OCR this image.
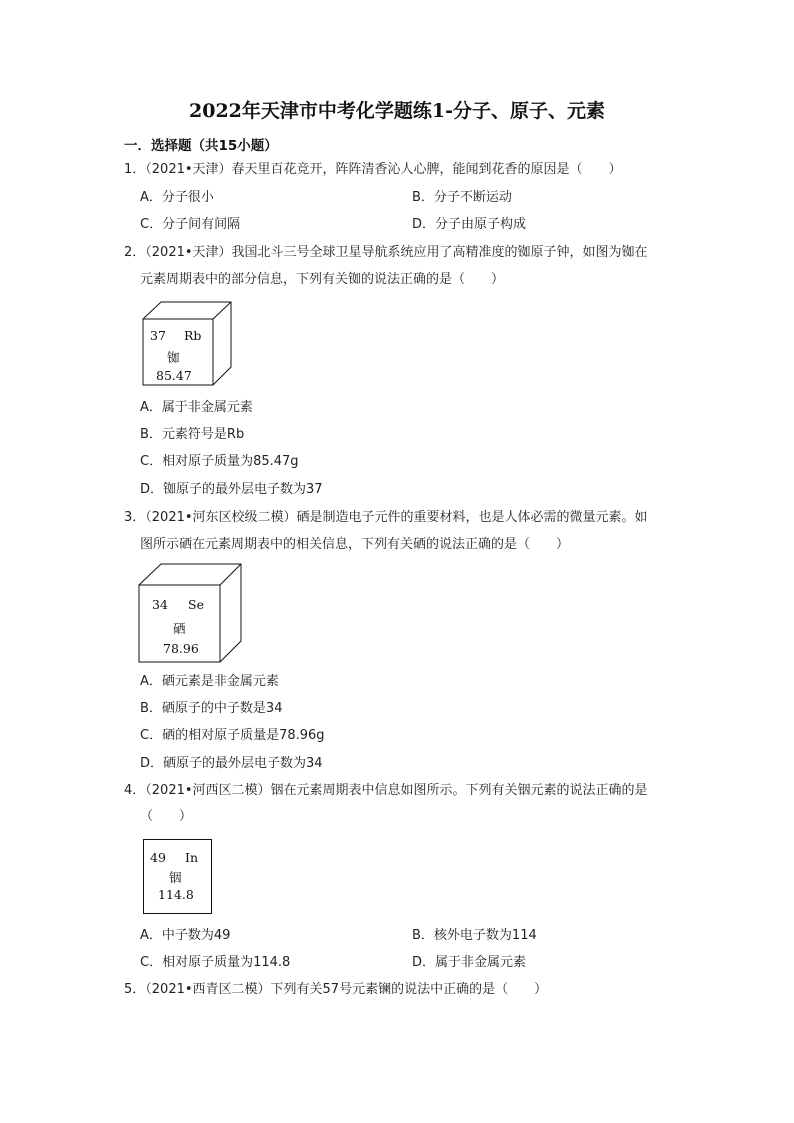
2022年天津市中考化学题练1-分子、原子、元素
一．选择题（共15小题）
1．（2021•天津）春天里百花竞开，阵阵清香沁人心脾，能闻到花香的原因是（　　）
A．分子很小	B．分子不断运动
C．分子间有间隔	D．分子由原子构成
2．（2021•天津）我国北斗三号全球卫星导航系统应用了高精准度的铷原子钟，如图为铷在
元素周期表中的部分信息，下列有关铷的说法正确的是（　　）
37 Rb
铷
85.47
A．属于非金属元素
B．元素符号是Rb
C．相对原子质量为85.47g
D．铷原子的最外层电子数为37
3．（2021•河东区校级二模）硒是制造电子元件的重要材料，也是人体必需的微量元素。如
图所示硒在元素周期表中的相关信息，下列有关硒的说法正确的是（　　）
34 Se
硒
78.96
A．硒元素是非金属元素
B．硒原子的中子数是34
C．硒的相对原子质量是78.96g
D．硒原子的最外层电子数为34
4．（2021•河西区二模）铟在元素周期表中信息如图所示。下列有关铟元素的说法正确的是
（　　）
49 In
铟
114.8
A．中子数为49	B．核外电子数为114
C．相对原子质量为114.8	D．属于非金属元素
5．（2021•西青区二模）下列有关57号元素镧的说法中正确的是（　　）
